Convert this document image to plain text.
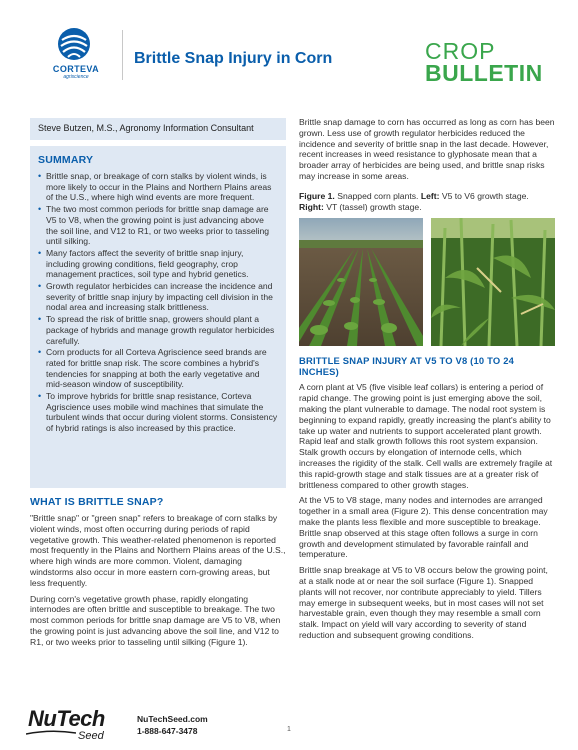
CORTEVA
agriscience
Brittle Snap Injury in Corn	CROP
BULLETIN
Steve Butzen, M.S., Agronomy Information Consultant
SUMMARY
• Brittle snap, or breakage of corn stalks by violent winds, is more likely to occur in the Plains and Northern Plains areas of the U.S., where high wind events are more frequent.
• The two most common periods for brittle snap damage are V5 to V8, when the growing point is just advancing above the soil line, and V12 to R1, or two weeks prior to tasseling until silking.
• Many factors affect the severity of brittle snap injury, including growing conditions, field geography, crop management practices, soil type and hybrid genetics.
• Growth regulator herbicides can increase the incidence and severity of brittle snap injury by impacting cell division in the nodal area and increasing stalk brittleness.
• To spread the risk of brittle snap, growers should plant a package of hybrids and manage growth regulator herbicides carefully.
• Corn products for all Corteva Agriscience seed brands are rated for brittle snap risk. The score combines a hybrid's tendencies for snapping at both the early vegetative and mid-season window of susceptibility.
• To improve hybrids for brittle snap resistance, Corteva Agriscience uses mobile wind machines that simulate the turbulent winds that occur during violent storms. Consistency of hybrid ratings is also increased by this practice.
WHAT IS BRITTLE SNAP?

"Brittle snap" or "green snap" refers to breakage of corn stalks by violent winds, most often occurring during periods of rapid vegetative growth. This weather-related phenomenon is reported most frequently in the Plains and Northern Plains areas of the U.S., where high winds are more common. Violent, damaging windstorms also occur in more eastern corn-growing areas, but less frequently.

During corn's vegetative growth phase, rapidly elongating internodes are often brittle and susceptible to breakage. The two most common periods for brittle snap damage are V5 to V8, when the growing point is just advancing above the soil line, and V12 to R1, or two weeks prior to tasseling until silking (Figure 1).

Brittle snap damage to corn has occurred as long as corn has been grown. Less use of growth regulator herbicides reduced the incidence and severity of brittle snap in the last decade. However, recent increases in weed resistance to glyphosate mean that a broader array of herbicides are being used, and brittle snap risks may increase in some areas.

Figure 1. Snapped corn plants. Left: V5 to V6 growth stage. Right: VT (tassel) growth stage.

BRITTLE SNAP INJURY AT V5 TO V8 (10 TO 24 INCHES)

A corn plant at V5 (five visible leaf collars) is entering a period of rapid change. The growing point is just emerging above the soil, making the plant vulnerable to damage. The nodal root system is beginning to expand rapidly, greatly increasing the plant's ability to take up water and nutrients to support accelerated plant growth. Rapid leaf and stalk growth follows this root system expansion. Stalk growth occurs by elongation of internode cells, which increases the rigidity of the stalk. Cell walls are extremely fragile at this rapid-growth stage and stalk tissues are at a greater risk of brittleness compared to other growth stages.

At the V5 to V8 stage, many nodes and internodes are arranged together in a small area (Figure 2). This dense concentration may make the plants less flexible and more susceptible to breakage. Brittle snap observed at this stage often follows a surge in corn growth and development stimulated by favorable rainfall and temperature.

Brittle snap breakage at V5 to V8 occurs below the growing point, at a stalk node at or near the soil surface (Figure 1). Snapped plants will not recover, nor contribute appreciably to yield. Tillers may emerge in subsequent weeks, but in most cases will not set harvestable grain, even though they may resemble a small corn stalk. Impact on yield will vary according to severity of stand reduction and subsequent growing conditions.

NuTech
Seed
NuTechSeed.com
1-888-647-3478	1
